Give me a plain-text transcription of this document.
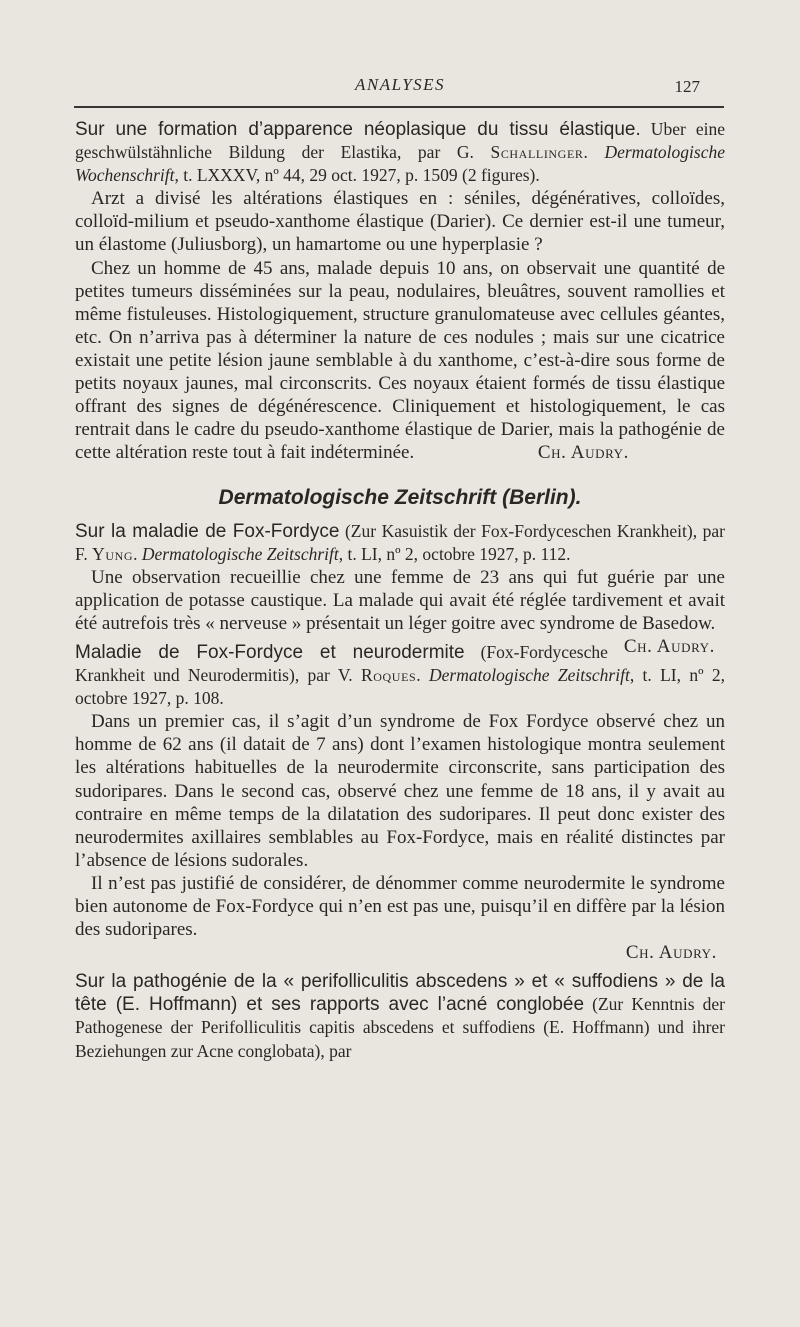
ANALYSES	127

Sur une formation d’apparence néoplasique du tissu élastique. Uber eine geschwülstähnliche Bildung der Elastika, par G. Schallinger. Dermatologische Wochenschrift, t. LXXXV, nº 44, 29 oct. 1927, p. 1509 (2 figures).

Arzt a divisé les altérations élastiques en : séniles, dégénératives, colloïdes, colloïd-milium et pseudo-xanthome élastique (Darier). Ce dernier est-il une tumeur, un élastome (Juliusborg), un hamartome ou une hyperplasie ?

Chez un homme de 45 ans, malade depuis 10 ans, on observait une quantité de petites tumeurs disséminées sur la peau, nodulaires, bleuâtres, souvent ramollies et même fistuleuses. Histologiquement, structure granulomateuse avec cellules géantes, etc. On n’arriva pas à déterminer la nature de ces nodules ; mais sur une cicatrice existait une petite lésion jaune semblable à du xanthome, c’est-à-dire sous forme de petits noyaux jaunes, mal circonscrits. Ces noyaux étaient formés de tissu élastique offrant des signes de dégénérescence. Cliniquement et histologiquement, le cas rentrait dans le cadre du pseudo-xanthome élastique de Darier, mais la pathogénie de cette altération reste tout à fait indéterminée.	Ch. Audry.

Dermatologische Zeitschrift (Berlin).

Sur la maladie de Fox-Fordyce (Zur Kasuistik der Fox-Fordyceschen Krankheit), par F. Yung. Dermatologische Zeitschrift, t. LI, nº 2, octobre 1927, p. 112.

Une observation recueillie chez une femme de 23 ans qui fut guérie par une application de potasse caustique. La malade qui avait été réglée tardivement et avait été autrefois très « nerveuse » présentait un léger goitre avec syndrome de Basedow.
Ch. Audry.

Maladie de Fox-Fordyce et neurodermite (Fox-Fordycesche Krankheit und Neurodermitis), par V. Roques. Dermatologische Zeitschrift, t. LI, nº 2, octobre 1927, p. 108.

Dans un premier cas, il s’agit d’un syndrome de Fox Fordyce observé chez un homme de 62 ans (il datait de 7 ans) dont l’examen histologique montra seulement les altérations habituelles de la neurodermite circonscrite, sans participation des sudoripares. Dans le second cas, observé chez une femme de 18 ans, il y avait au contraire en même temps de la dilatation des sudoripares. Il peut donc exister des neurodermites axillaires semblables au Fox-Fordyce, mais en réalité distinctes par l’absence de lésions sudorales.

Il n’est pas justifié de considérer, de dénommer comme neurodermite le syndrome bien autonome de Fox-Fordyce qui n’en est pas une, puisqu’il en diffère par la lésion des sudoripares.

Ch. Audry.

Sur la pathogénie de la « perifolliculitis abscedens » et « suffodiens » de la tête (E. Hoffmann) et ses rapports avec l’acné conglobée (Zur Kenntnis der Pathogenese der Perifolliculitis capitis abscedens et suffodiens (E. Hoffmann) und ihrer Beziehungen zur Acne conglobata), par
